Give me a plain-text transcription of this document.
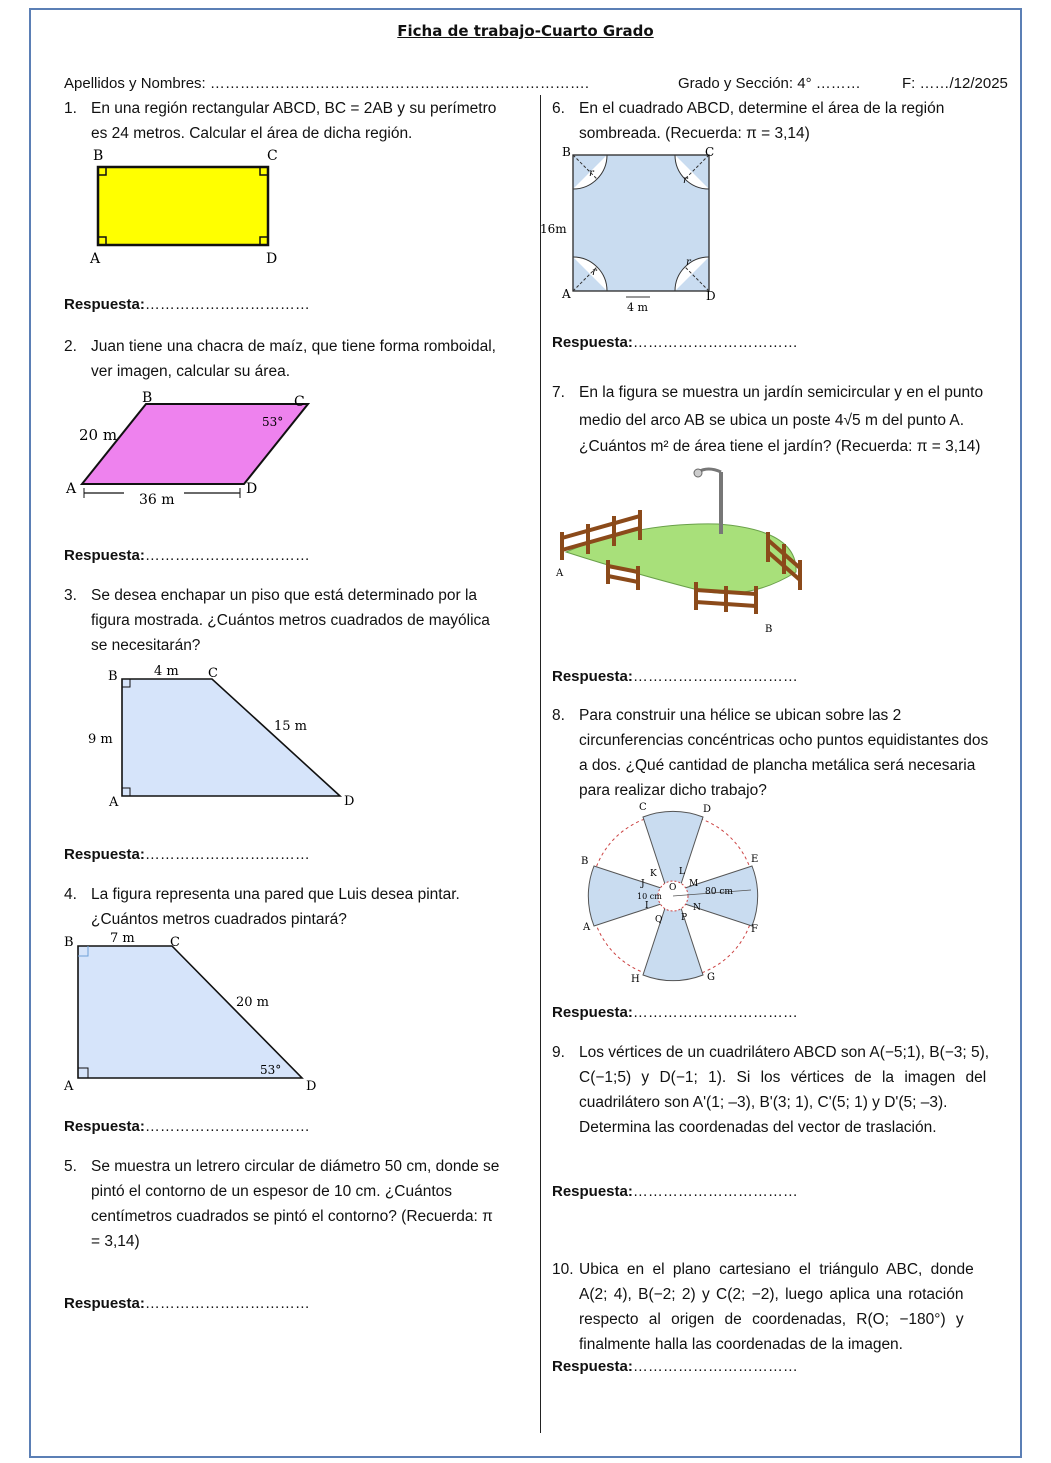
Ficha de trabajo-Cuarto Grado
Apellidos y Nombres: ………………………………………………………………….	Grado y Sección: 4° ………	F: ……/12/2025
1. En una región rectangular ABCD, BC = 2AB y su perímetro
es 24 metros. Calcular el área de dicha región.
B	C
A	D
Respuesta:……………………………
2. Juan tiene una chacra de maíz, que tiene forma romboidal,
ver imagen, calcular su área.
B	C
A	D
20 m
53°
36 m
Respuesta:……………………………
3. Se desea enchapar un piso que está determinado por la
figura mostrada. ¿Cuántos metros cuadrados de mayólica
se necesitarán?
B	C
A	D
4 m
9 m
15 m
Respuesta:……………………………
4. La figura representa una pared que Luis desea pintar.
¿Cuántos metros cuadrados pintará?
B	C
A	D
7 m
20 m
53°
Respuesta:……………………………
5. Se muestra un letrero circular de diámetro 50 cm, donde se
pintó el contorno de un espesor de 10 cm. ¿Cuántos
centímetros cuadrados se pintó el contorno? (Recuerda: π
= 3,14)
Respuesta:……………………………
6. En el cuadrado ABCD, determine el área de la región
sombreada. (Recuerda: π = 3,14)
B	C
A	D
16m
4 m
r
r
r
r
Respuesta:……………………………
7. En la figura se muestra un jardín semicircular y en el punto
medio del arco AB se ubica un poste 4√5 m del punto A.
¿Cuántos m² de área tiene el jardín? (Recuerda: π = 3,14)
A
B
Respuesta:……………………………
8. Para construir una hélice se ubican sobre las 2
circunferencias concéntricas ocho puntos equidistantes dos
a dos. ¿Qué cantidad de plancha metálica será necesaria
para realizar dicho trabajo?
C	D
B	E
A	F
H	G
K L
J	O M
I	N
Q P
10 cm	80 cm
Respuesta:……………………………
9. Los vértices de un cuadrilátero ABCD son A(−5;1), B(−3; 5),
C(−1;5) y D(−1; 1). Si los vértices de la imagen del
cuadrilátero son A'(1; –3), B'(3; 1), C'(5; 1) y D'(5; –3).
Determina las coordenadas del vector de traslación.
Respuesta:……………………………
10. Ubica en el plano cartesiano el triángulo ABC, donde
A(2; 4), B(−2; 2) y C(2; −2), luego aplica una rotación
respecto al origen de coordenadas, R(O; −180°) y
finalmente halla las coordenadas de la imagen.
Respuesta:……………………………
